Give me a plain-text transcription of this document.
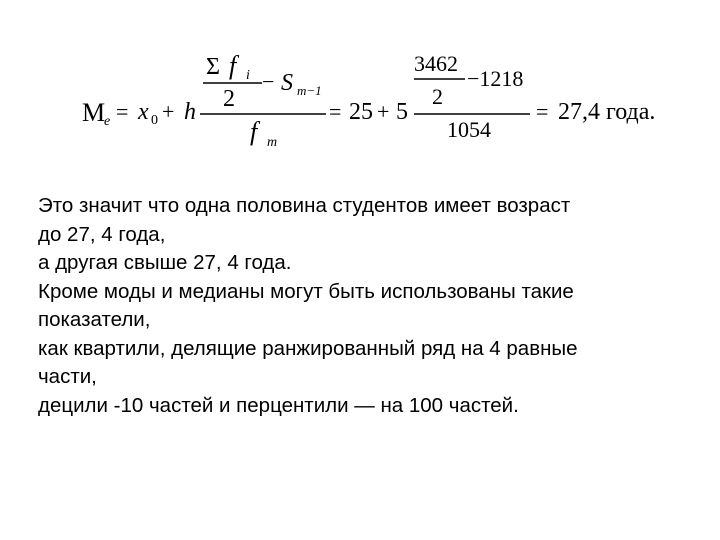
M
e = x 0 + h
Σ f i
2
− S m−1
f m
= 25 + 5
3462
2
−1218
1054
= 27,4 года.
Это значит что одна половина студентов имеет возраст
до 27, 4 года,
а другая свыше 27, 4 года.
Кроме моды и медианы могут быть использованы такие
показатели,
как квартили, делящие ранжированный ряд на 4 равные
части,
децили -10 частей и перцентили — на 100 частей.
